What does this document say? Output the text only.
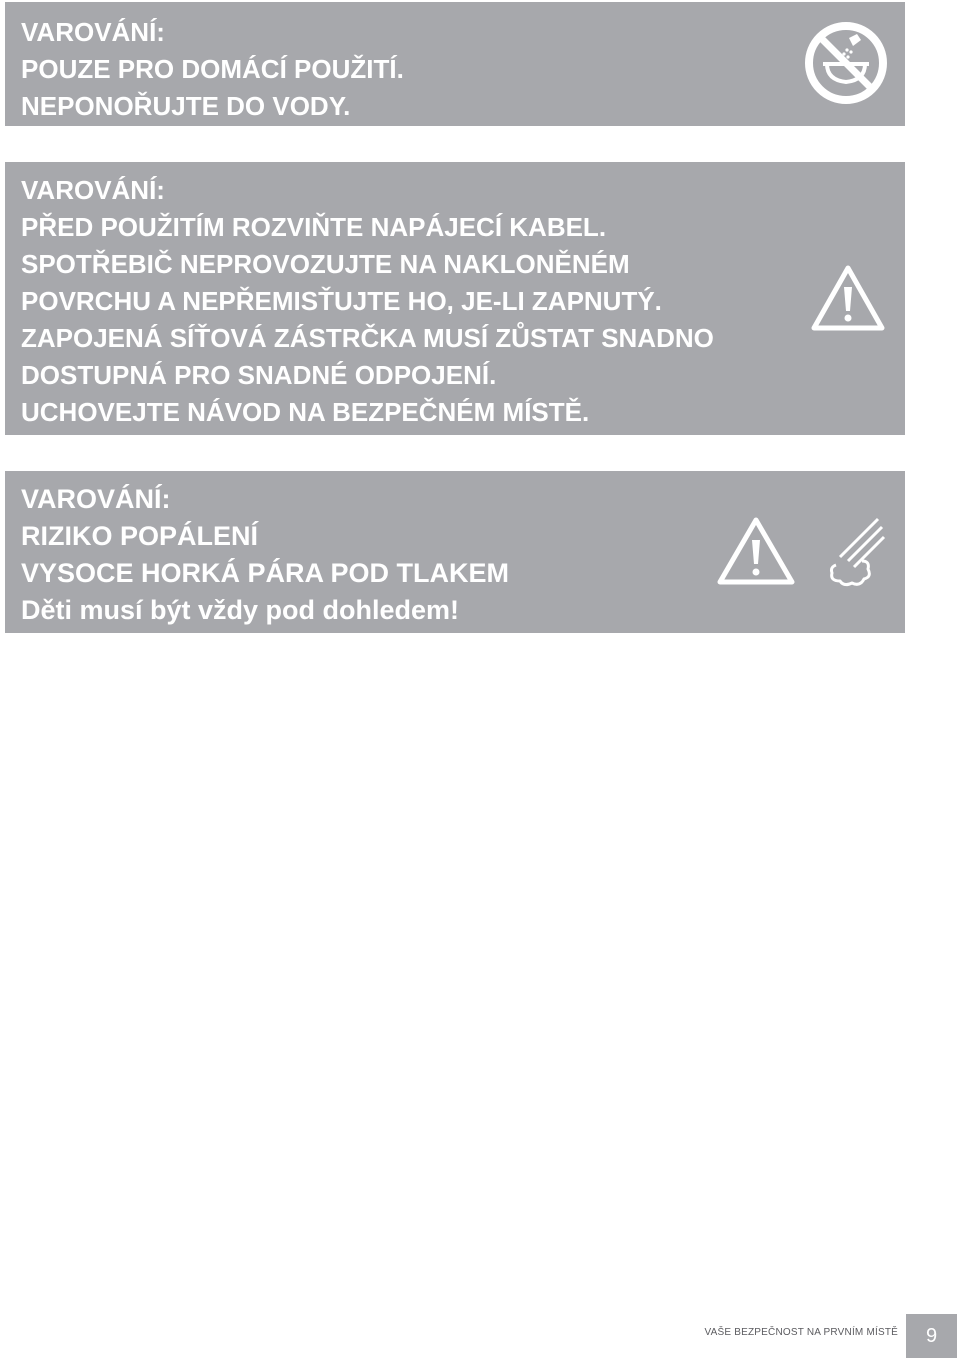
VAROVÁNÍ:
POUZE PRO DOMÁCÍ POUŽITÍ.
NEPONOŘUJTE DO VODY.
VAROVÁNÍ:
PŘED POUŽITÍM ROZVIŇTE NAPÁJECÍ KABEL.
SPOTŘEBIČ NEPROVOZUJTE NA NAKLONĚNÉM
POVRCHU A NEPŘEMISŤUJTE HO, JE-LI ZAPNUTÝ.
ZAPOJENÁ SÍŤOVÁ ZÁSTRČKA MUSÍ ZŮSTAT SNADNO
DOSTUPNÁ PRO SNADNÉ ODPOJENÍ.
UCHOVEJTE NÁVOD NA BEZPEČNÉM MÍSTĚ.
VAROVÁNÍ:
RIZIKO POPÁLENÍ
VYSOCE HORKÁ PÁRA POD TLAKEM
Děti musí být vždy pod dohledem!
VAŠE BEZPEČNOST NA PRVNÍM MÍSTĚ	9
